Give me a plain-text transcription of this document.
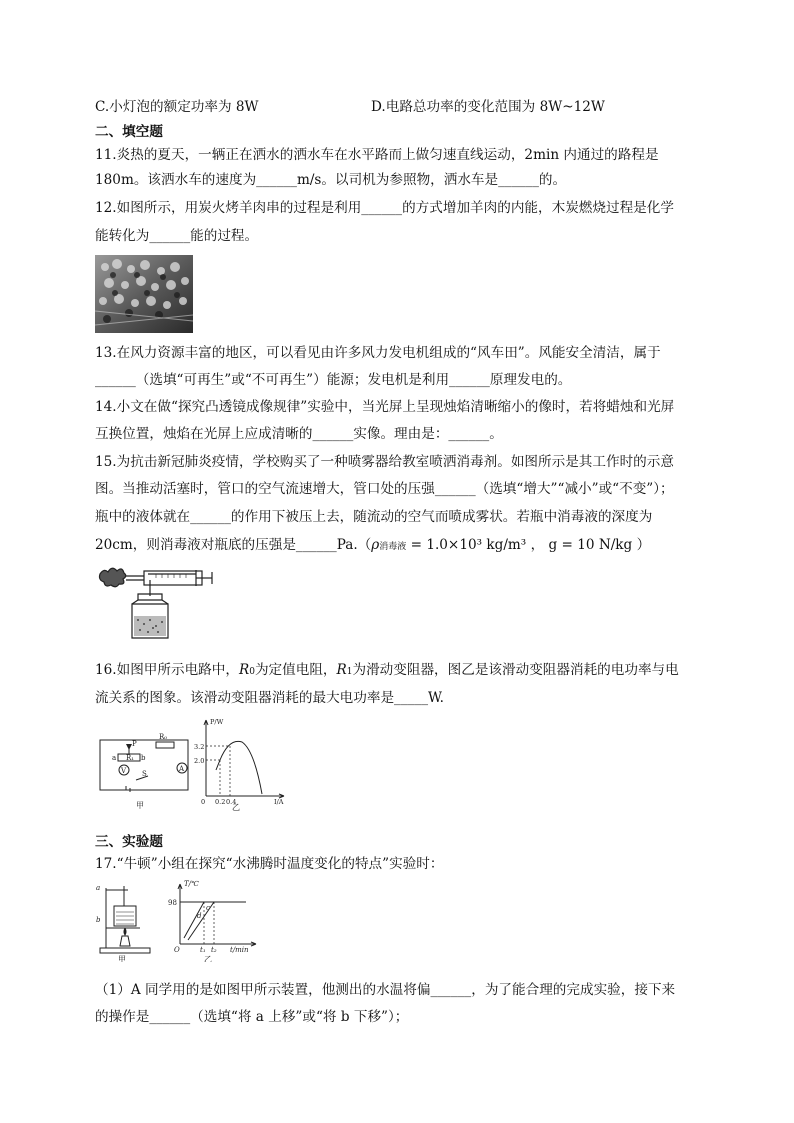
C.小灯泡的额定功率为 8W	D.电路总功率的变化范围为 8W~12W
二、填空题
11.炎热的夏天，一辆正在洒水的洒水车在水平路而上做匀速直线运动，2min 内通过的路程是
180m。该洒水车的速度为______m/s。以司机为参照物，洒水车是______的。
12.如图所示，用炭火烤羊肉串的过程是利用______的方式增加羊肉的内能，木炭燃烧过程是化学
能转化为______能的过程。
13.在风力资源丰富的地区，可以看见由许多风力发电机组成的“风车田”。风能安全清洁，属于
______（选填“可再生”或“不可再生”）能源；发电机是利用______原理发电的。
14.小文在做“探究凸透镜成像规律”实验中，当光屏上呈现烛焰清晰缩小的像时，若将蜡烛和光屏
互换位置，烛焰在光屏上应成清晰的______实像。理由是：______。
15.为抗击新冠肺炎疫情，学校购买了一种喷雾器给教室喷洒消毒剂。如图所示是其工作时的示意
图。当推动活塞时，管口的空气流速增大，管口处的压强______（选填“增大”“减小”或“不变”）；
瓶中的液体就在______的作用下被压上去，随流动的空气而喷成雾状。若瓶中消毒液的深度为
20cm，则消毒液对瓶底的压强是______Pa.（ρ消毒液 = 1.0×10³ kg/m³ ， g = 10 N/kg ）
16.如图甲所示电路中，R0为定值电阻，R1为滑动变阻器，图乙是该滑动变阻器消耗的电功率与电
流关系的图象。该滑动变阻器消耗的最大电功率是_____W.
P
a R₁ b
R₀
V	A
S
甲
P/W
3.2
2.0
0 0.2 0.4	I/A
乙
三、实验题
17.“牛顿”小组在探究“水沸腾时温度变化的特点”实验时：
a
b
甲
T/℃
98
O	t₁ t₂ t/min
c
d
乙
（1）A 同学用的是如图甲所示装置，他测出的水温将偏______，为了能合理的完成实验，接下来
的操作是______（选填“将 a 上移”或“将 b 下移”）；
